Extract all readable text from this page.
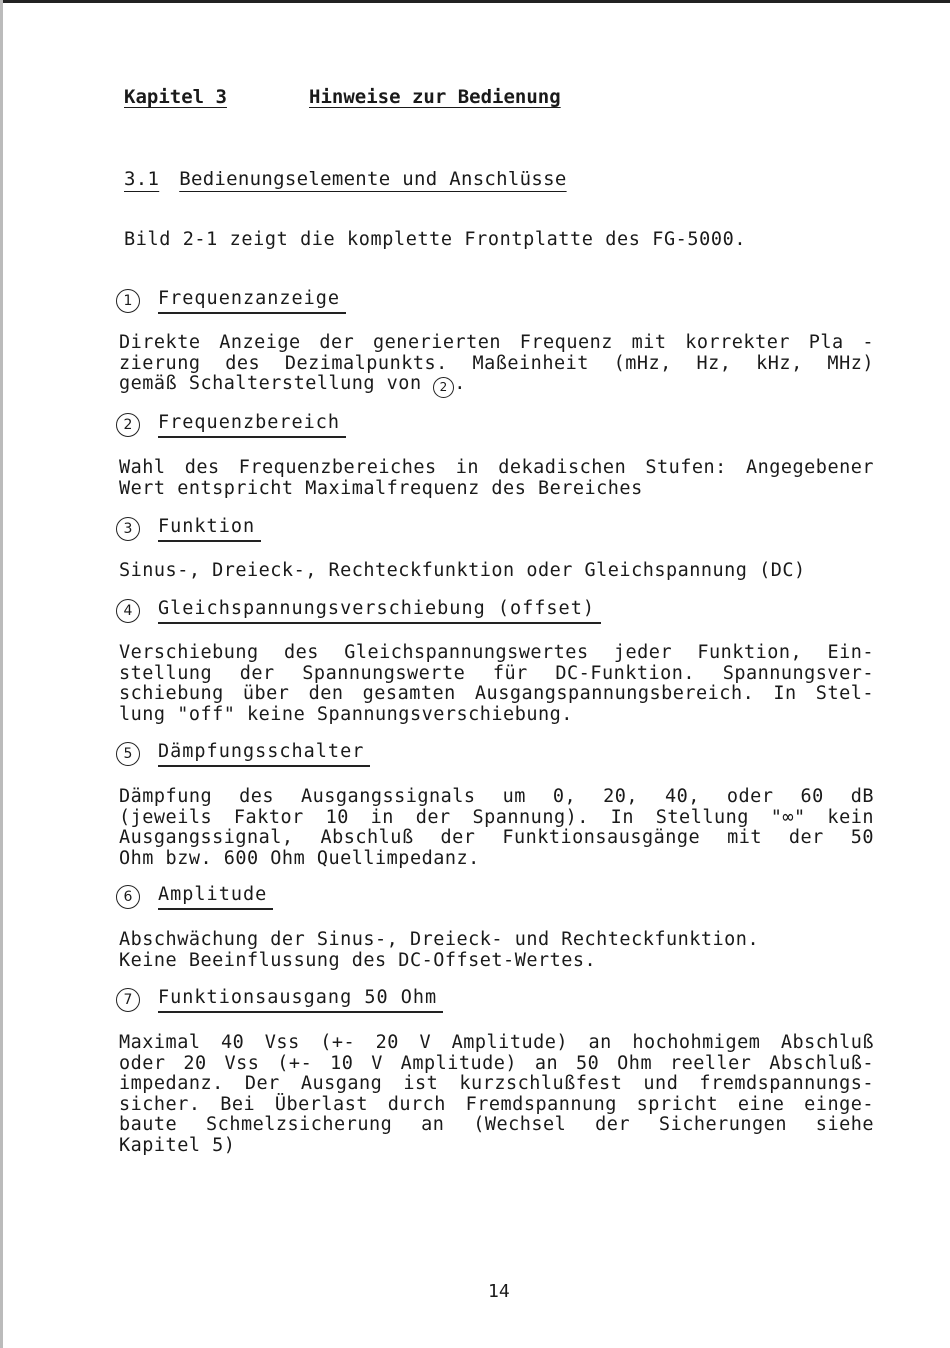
Kapitel 3	Hinweise zur Bedienung
3.1 Bedienungselemente und Anschlüsse
Bild 2-1 zeigt die komplette Frontplatte des FG-5000.
1	Frequenzanzeige

Direkte Anzeige der generierten Frequenz mit korrekter Pla -

zierung des Dezimalpunkts. Maßeinheit (mHz, Hz, kHz, MHz)

gemäß Schalterstellung von 2 .

2	Frequenzbereich

Wahl des Frequenzbereiches in dekadischen Stufen: Angegebener

Wert entspricht Maximalfrequenz des Bereiches

3	Funktion

Sinus-, Dreieck-, Rechteckfunktion oder Gleichspannung (DC)

4	Gleichspannungsverschiebung (offset)

Verschiebung des Gleichspannungswertes jeder Funktion, Ein-

stellung der Spannungswerte für DC-Funktion. Spannungsver-

schiebung über den gesamten Ausgangspannungsbereich. In Stel-

lung "off" keine Spannungsverschiebung.

5	Dämpfungsschalter

Dämpfung des Ausgangssignals um 0, 20, 40, oder 60 dB

(jeweils Faktor 10 in der Spannung). In Stellung "∞" kein

Ausgangssignal, Abschluß der Funktionsausgänge mit der 50

Ohm bzw. 600 Ohm Quellimpedanz.

6	Amplitude

Abschwächung der Sinus-, Dreieck- und Rechteckfunktion.

Keine Beeinflussung des DC-Offset-Wertes.

7	Funktionsausgang 50 Ohm

Maximal 40 Vss (+- 20 V Amplitude) an hochohmigem Abschluß

oder 20 Vss (+- 10 V Amplitude) an 50 Ohm reeller Abschluß-

impedanz. Der Ausgang ist kurzschlußfest und fremdspannungs-

sicher. Bei Überlast durch Fremdspannung spricht eine einge-

baute Schmelzsicherung an (Wechsel der Sicherungen siehe

Kapitel 5)

14
